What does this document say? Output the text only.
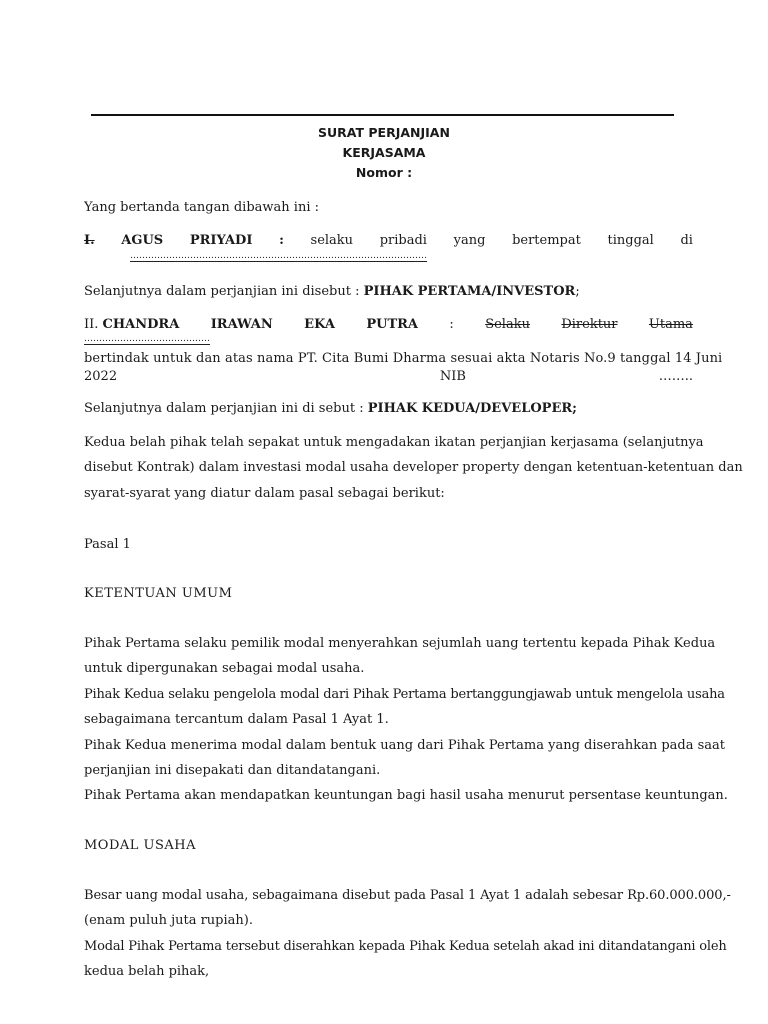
SURAT PERJANJIAN
KERJASAMA
Nomor :
Yang bertanda tangan dibawah ini :
I. AGUS PRIYADI : selaku pribadi yang bertempat tinggal di
………………………………………………………………………………………
Selanjutnya dalam perjanjian ini disebut : PIHAK PERTAMA/INVESTOR;
II. CHANDRA IRAWAN EKA PUTRA : Selaku Direktur Utama
……………………………………
bertindak untuk dan atas nama PT. Cita Bumi Dharma sesuai akta Notaris No.9 tanggal 14 Juni
2022	NIB	……..
Selanjutnya dalam perjanjian ini di sebut : PIHAK KEDUA/DEVELOPER;
Kedua belah pihak telah sepakat untuk mengadakan ikatan perjanjian kerjasama (selanjutnya
disebut Kontrak) dalam investasi modal usaha developer property dengan ketentuan-ketentuan dan
syarat-syarat yang diatur dalam pasal sebagai berikut:
Pasal 1
KETENTUAN UMUM
Pihak Pertama selaku pemilik modal menyerahkan sejumlah uang tertentu kepada Pihak Kedua
untuk dipergunakan sebagai modal usaha.
Pihak Kedua selaku pengelola modal dari Pihak Pertama bertanggungjawab untuk mengelola usaha
sebagaimana tercantum dalam Pasal 1 Ayat 1.
Pihak Kedua menerima modal dalam bentuk uang dari Pihak Pertama yang diserahkan pada saat
perjanjian ini disepakati dan ditandatangani.
Pihak Pertama akan mendapatkan keuntungan bagi hasil usaha menurut persentase keuntungan.
MODAL USAHA
Besar uang modal usaha, sebagaimana disebut pada Pasal 1 Ayat 1 adalah sebesar Rp.60.000.000,-
(enam puluh juta rupiah).
Modal Pihak Pertama tersebut diserahkan kepada Pihak Kedua setelah akad ini ditandatangani oleh
kedua belah pihak,
